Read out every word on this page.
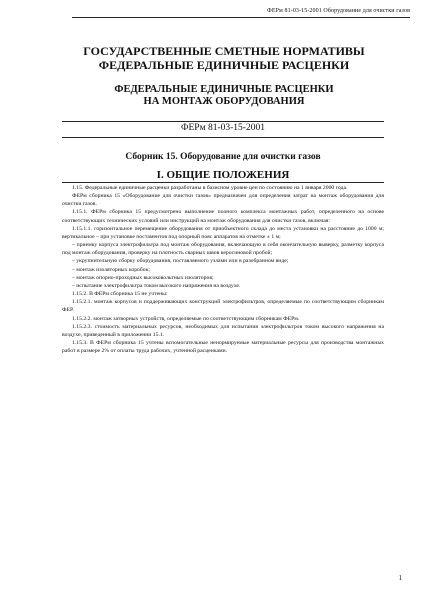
ФЕРм 81-03-15-2001 Оборудование для очистки газов
ГОСУДАРСТВЕННЫЕ СМЕТНЫЕ НОРМАТИВЫ
ФЕДЕРАЛЬНЫЕ ЕДИНИЧНЫЕ РАСЦЕНКИ
ФЕДЕРАЛЬНЫЕ ЕДИНИЧНЫЕ РАСЦЕНКИ
НА МОНТАЖ ОБОРУДОВАНИЯ
ФЕРм 81-03-15-2001
Сборник 15. Оборудование для очистки газов
I. ОБЩИЕ ПОЛОЖЕНИЯ

1.15. Федеральные единичные расценки разработаны в базисном уровне цен по состоянию на 1 января 2000 года.

ФЕРм сборника 15 «Оборудование для очистки газов» предназначен для определения затрат на монтаж оборудования для очистки газов.

1.15.1. ФЕРм сборника 15 предусмотрено выполнение полного комплекса монтажных работ, определенного на основе соответствующих технических условий или инструкций на монтаж оборудования для очистки газов, включая:

1.15.1.1. горизонтальное перемещение оборудования от приобъектного склада до места установки на расстояние до 1000 м; вертикальное – при установке постаментов под опорный пояс аппаратов на отметке ± 1 м;

– приемку корпуса электрофильтра под монтаж оборудования, включающую в себя окончательную выверку, разметку корпуса под монтаж оборудования, проверку на плотность сварных швов керосиновой пробой;

– укрупнительную сборку оборудования, поставляемого узлами или в разобранном виде;

– монтаж изоляторных коробок;

– монтаж опорно-проходных высоковольтных изоляторов;

– испытание электрофильтра током высокого напряжения на воздухе.

1.15.2. В ФЕРм сборника 15 не учтены:

1.15.2.1. монтаж корпусов и поддерживающих конструкций электрофильтров, определяемые по соответствующим сборникам ФЕР.

1.15.2.2. монтаж затворных устройств, определяемые по соответствующим сборникам ФЕРм.

1.15.2.3. стоимость материальных ресурсов, необходимых для испытания электрофильтров током высокого напряжения на воздухе, приведенный в приложении 15.1.

1.15.3. В ФЕРм сборника 15 учтены вспомогательные ненормируемые материальные ресурсы для производства монтажных работ в размере 2% от оплаты труда рабочих, учтенной расценками.

1
